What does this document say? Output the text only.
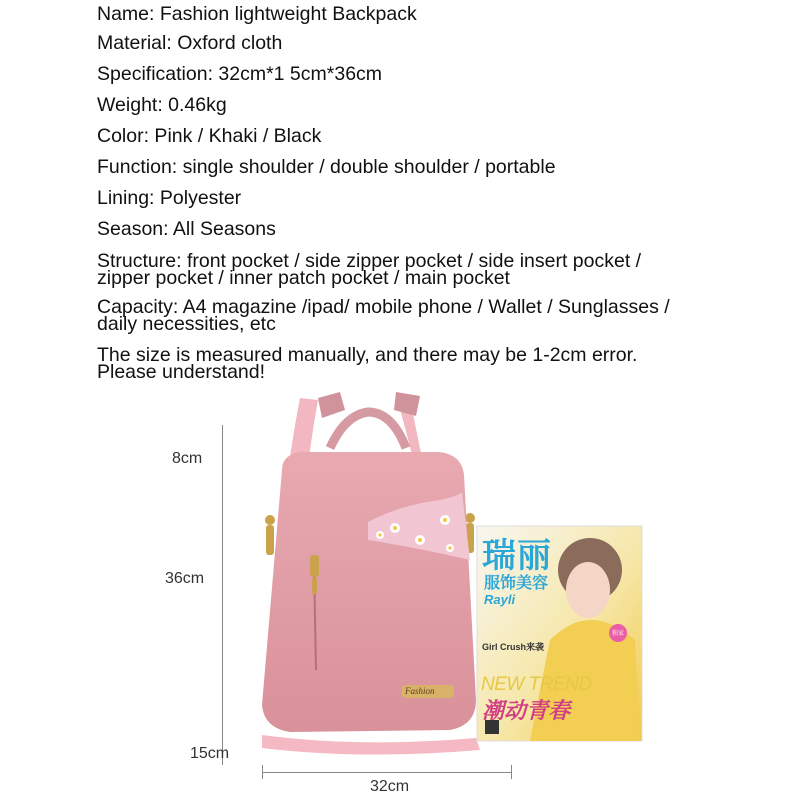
Name: Fashion lightweight Backpack
Material: Oxford cloth
Specification: 32cm*1 5cm*36cm
Weight: 0.46kg
Color: Pink / Khaki / Black
Function: single shoulder / double shoulder / portable
Lining: Polyester
Season: All Seasons
Structure: front pocket / side zipper pocket / side insert pocket /
zipper pocket / inner patch pocket / main pocket
Capacity: A4 magazine /ipad/ mobile phone / Wallet / Sunglasses /
daily necessities, etc
The size is measured manually, and there may be 1-2cm error.
Please understand!
8cm
36cm
15cm
32cm
瑞丽
服饰美容
Rayli
Girl Crush来袭
独家
NEW TREND
潮动青春
Fashion
